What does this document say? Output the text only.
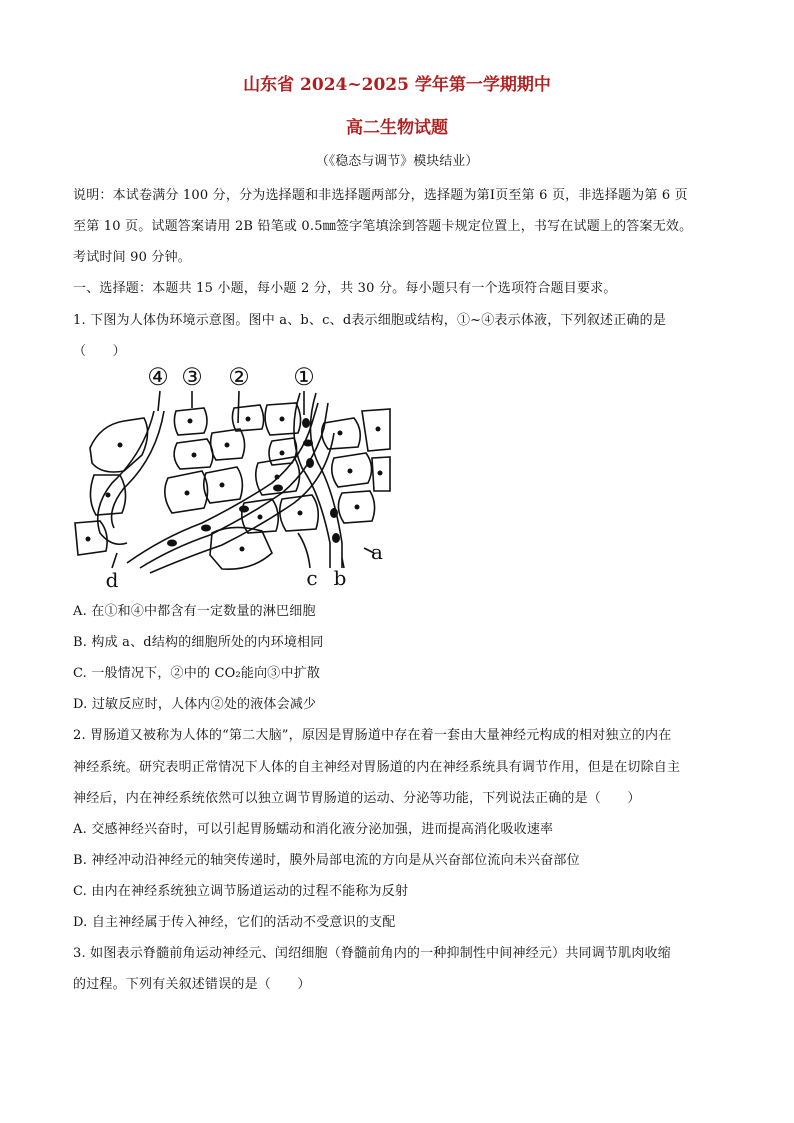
山东省 2024~2025 学年第一学期期中
高二生物试题
（《稳态与调节》模块结业）
说明：本试卷满分 100 分，分为选择题和非选择题两部分，选择题为第Ⅰ页至第 6 页，非选择题为第 6 页
至第 10 页。试题答案请用 2B 铅笔或 0.5㎜签字笔填涂到答题卡规定位置上，书写在试题上的答案无效。
考试时间 90 分钟。
一、选择题：本题共 15 小题，每小题 2 分，共 30 分。每小题只有一个选项符合题目要求。
1. 下图为人体伪环境示意图。图中 a、b、c、d表示细胞或结构，①~④表示体液，下列叙述正确的是
（　　）
④ ③ ② ①
a
b
c
d
A. 在①和④中都含有一定数量的淋巴细胞
B. 构成 a、d结构的细胞所处的内环境相同
C. 一般情况下，②中的 CO₂能向③中扩散
D. 过敏反应时，人体内②处的液体会减少
2. 胃肠道又被称为人体的“第二大脑”，原因是胃肠道中存在着一套由大量神经元构成的相对独立的内在
神经系统。研究表明正常情况下人体的自主神经对胃肠道的内在神经系统具有调节作用，但是在切除自主
神经后，内在神经系统依然可以独立调节胃肠道的运动、分泌等功能，下列说法正确的是（　　）
A. 交感神经兴奋时，可以引起胃肠蠕动和消化液分泌加强，进而提高消化吸收速率
B. 神经冲动沿神经元的轴突传递时，膜外局部电流的方向是从兴奋部位流向未兴奋部位
C. 由内在神经系统独立调节肠道运动的过程不能称为反射
D. 自主神经属于传入神经，它们的活动不受意识的支配
3. 如图表示脊髓前角运动神经元、闰绍细胞（脊髓前角内的一种抑制性中间神经元）共同调节肌肉收缩
的过程。下列有关叙述错误的是（　　）
